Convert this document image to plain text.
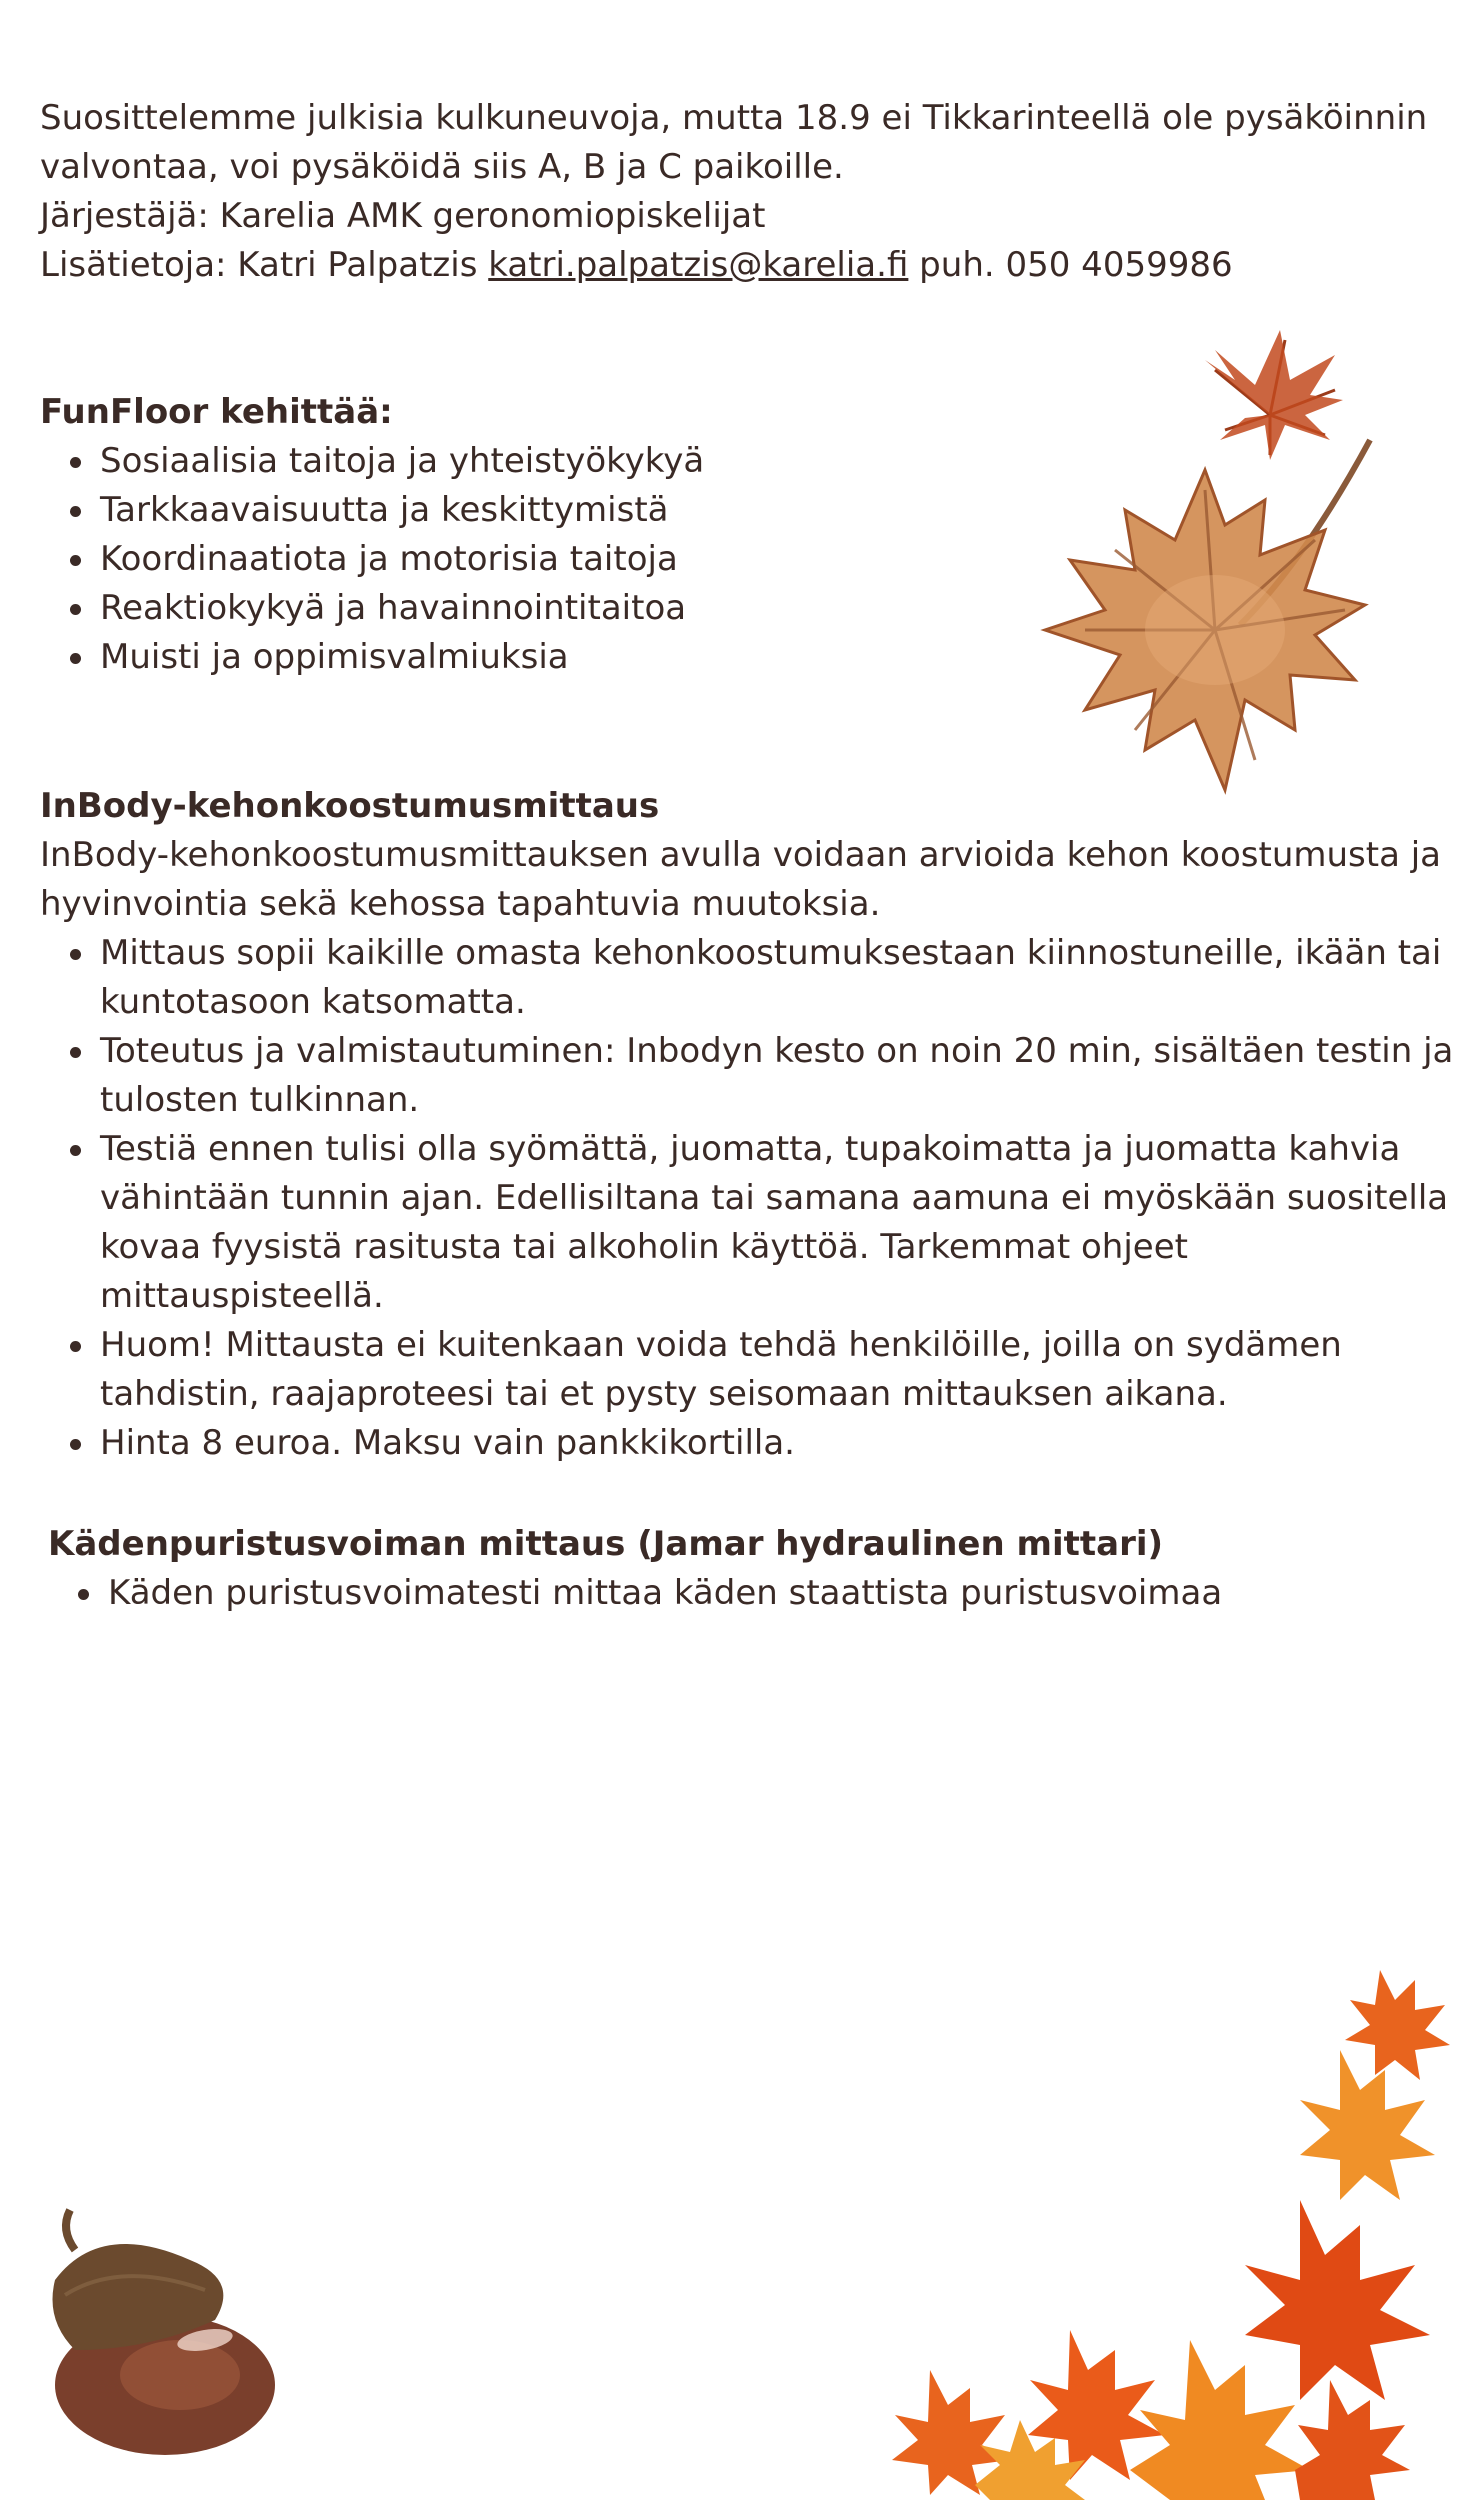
Suosittelemme julkisia kulkuneuvoja, mutta 18.9 ei Tikkarinteellä ole pysäköinnin

valvontaa, voi pysäköidä siis A, B ja C paikoille.

Järjestäjä: Karelia AMK geronomiopiskelijat

Lisätietoja: Katri Palpatzis katri.palpatzis@karelia.fi puh. 050 4059986

FunFloor kehittää:
Sosiaalisia taitoja ja yhteistyökykyä
Tarkkaavaisuutta ja keskittymistä
Koordinaatiota ja motorisia taitoja
Reaktiokykyä ja havainnointitaitoa
Muisti ja oppimisvalmiuksia
InBody-kehonkoostumusmittaus

InBody-kehonkoostumusmittauksen avulla voidaan arvioida kehon koostumusta ja

hyvinvointia sekä kehossa tapahtuvia muutoksia.

Mittaus sopii kaikille omasta kehonkoostumuksestaan kiinnostuneille, ikään tai kuntotasoon katsomatta.
Toteutus ja valmistautuminen: Inbodyn kesto on noin 20 min, sisältäen testin ja tulosten tulkinnan.
Testiä ennen tulisi olla syömättä, juomatta, tupakoimatta ja juomatta kahvia vähintään tunnin ajan. Edellisiltana tai samana aamuna ei myöskään suositella kovaa fyysistä rasitusta tai alkoholin käyttöä. Tarkemmat ohjeet mittauspisteellä.
Huom! Mittausta ei kuitenkaan voida tehdä henkilöille, joilla on sydämen tahdistin, raajaproteesi tai et pysty seisomaan mittauksen aikana.
Hinta 8 euroa. Maksu vain pankkikortilla.
Kädenpuristusvoiman mittaus (Jamar hydraulinen mittari)
Käden puristusvoimatesti mittaa käden staattista puristusvoimaa
